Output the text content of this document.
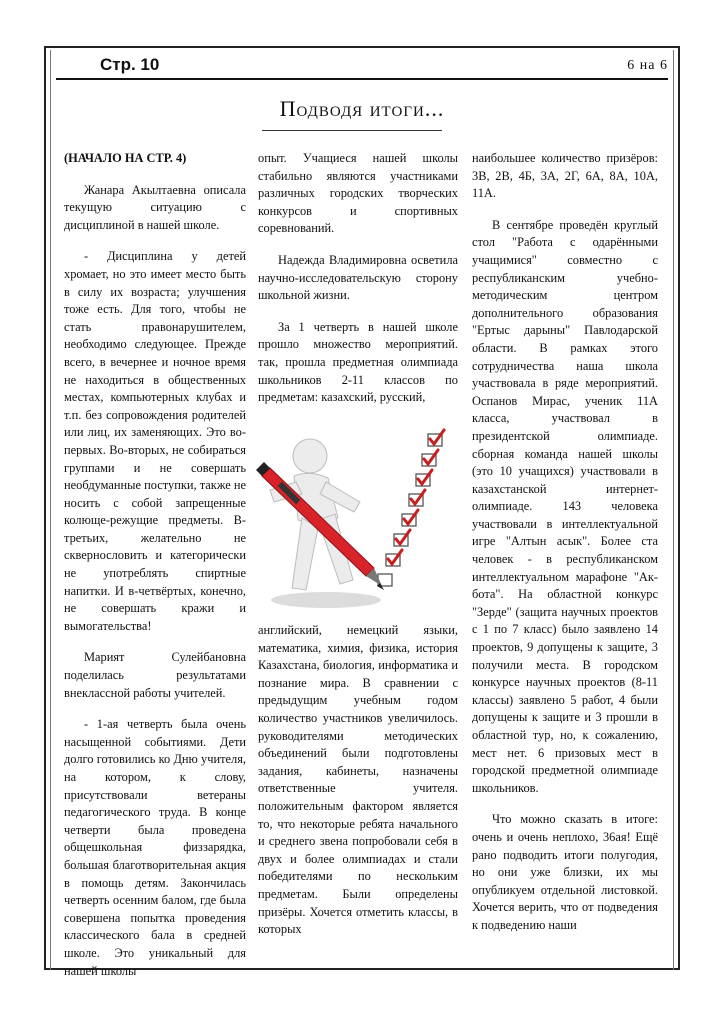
Стр. 10	6 на 6
Подводя итоги...

(НАЧАЛО НА СТР. 4)

Жанара Акылтаевна описала текущую ситуацию с дисциплиной в нашей школе.

- Дисциплина у детей хромает, но это имеет место быть в силу их возраста; улучшения тоже есть. Для того, чтобы не стать правонарушителем, необходимо следующее. Прежде всего, в вечернее и ночное время не находиться в общественных местах, компьютерных клубах и т.п. без сопровождения родителей или лиц, их заменяющих. Это во-первых. Во-вторых, не собираться группами и не совершать необдуманные поступки, также не носить с собой запрещенные колюще-режущие предметы. В-третьих, желательно не сквернословить и категорически не употреблять спиртные напитки. И в-четвёртых, конечно, не совершать кражи и вымогательства!

Марият Сулейбановна поделилась результатами внеклассной работы учителей.

- 1-ая четверть была очень насыщенной событиями. Дети долго готовились ко Дню учителя, на котором, к слову, присутствовали ветераны педагогического труда. В конце четверти была проведена общешкольная физзарядка, большая благотворительная акция в помощь детям. Закончилась четверть осенним балом, где была совершена попытка проведения классического бала в средней школе. Это уникальный для нашей школы

опыт. Учащиеся нашей школы стабильно являются участниками различных городских творческих конкурсов и спортивных соревнований.

Надежда Владимировна осветила научно-исследовательскую сторону школьной жизни.

За 1 четверть в нашей школе прошло множество мероприятий. так, прошла предметная олимпиада школьников 2-11 классов по предметам: казахский, русский,

английский, немецкий языки, математика, химия, физика, история Казахстана, биология, информатика и познание мира. В сравнении с предыдущим учебным годом количество участников увеличилось. руководителями методических объединений были подготовлены задания, кабинеты, назначены ответственные учителя. положительным фактором является то, что некоторые ребята начального и среднего звена попробовали себя в двух и более олимпиадах и стали победителями по нескольким предметам. Были определены призёры. Хочется отметить классы, в которых

наибольшее количество призёров: 3В, 2В, 4Б, 3А, 2Г, 6А, 8А, 10А, 11А.

В сентябре проведён круглый стол "Работа с одарёнными учащимися" совместно с республиканским учебно-методическим центром дополнительного образования "Ертыс дарыны" Павлодарской области. В рамках этого сотрудничества наша школа участвовала в ряде мероприятий. Оспанов Мирас, ученик 11А класса, участвовал в президентской олимпиаде. сборная команда нашей школы (это 10 учащихся) участвовали в казахстанской интернет-олимпиаде. 143 человека участвовали в интеллектуальной игре "Алтын асык". Более ста человек - в республиканском интеллектуальном марафоне "Ак-бота". На областной конкурс "Зерде" (защита научных проектов с 1 по 7 класс) было заявлено 14 проектов, 9 допущены к защите, 3 получили места. В городском конкурсе научных проектов (8-11 классы) заявлено 5 работ, 4 были допущены к защите и 3 прошли в областной тур, но, к сожалению, мест нет. 6 призовых мест в городской предметной олимпиаде школьников.

Что можно сказать в итоге: очень и очень неплохо, 36ая! Ещё рано подводить итоги полугодия, но они уже близки, их мы опубликуем отдельной листовкой. Хочется верить, что от подведения к подведению наши
